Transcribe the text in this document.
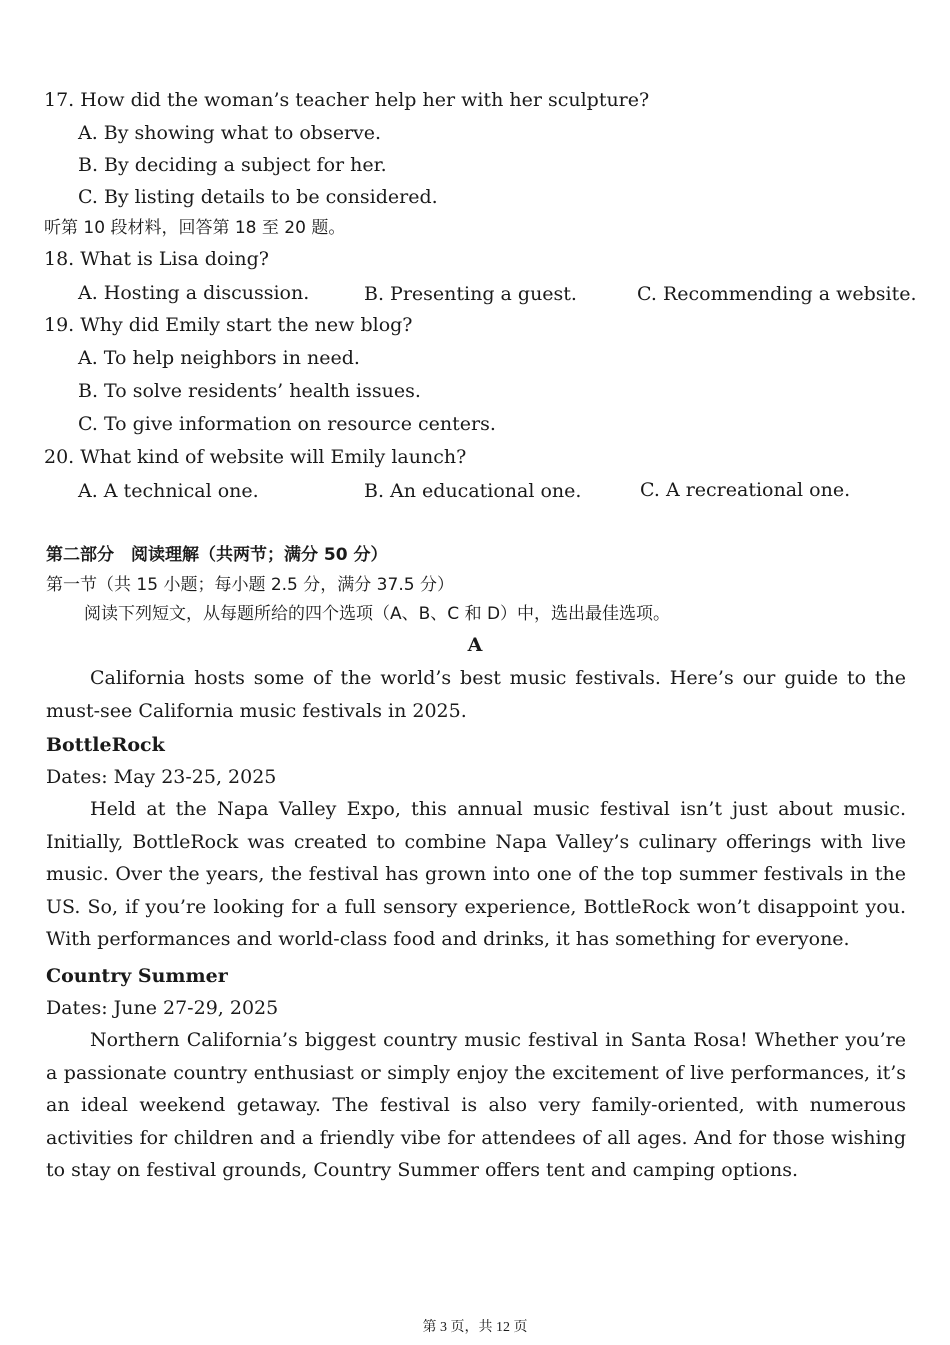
17. How did the woman’s teacher help her with her sculpture?
A. By showing what to observe.
B. By deciding a subject for her.
C. By listing details to be considered.
听第 10 段材料，回答第 18 至 20 题。
18. What is Lisa doing?
A. Hosting a discussion.	B. Presenting a guest.	C. Recommending a website.
19. Why did Emily start the new blog?
A. To help neighbors in need.
B. To solve residents’ health issues.
C. To give information on resource centers.
20. What kind of website will Emily launch?
A. A technical one.	B. An educational one.	C. A recreational one.
第二部分　阅读理解（共两节；满分 50 分）
第一节（共 15 小题；每小题 2.5 分，满分 37.5 分）
阅读下列短文，从每题所给的四个选项（A、B、C 和 D）中，选出最佳选项。
A
California hosts some of the world’s best music festivals. Here’s our guide to the must-see California music festivals in 2025.
BottleRock
Dates: May 23-25, 2025
Held at the Napa Valley Expo, this annual music festival isn’t just about music. Initially, BottleRock was created to combine Napa Valley’s culinary offerings with live music. Over the years, the festival has grown into one of the top summer festivals in the US. So, if you’re looking for a full sensory experience, BottleRock won’t disappoint you. With performances and world-class food and drinks, it has something for everyone.
Country Summer
Dates: June 27-29, 2025
Northern California’s biggest country music festival in Santa Rosa! Whether you’re a passionate country enthusiast or simply enjoy the excitement of live performances, it’s an ideal weekend getaway. The festival is also very family-oriented, with numerous activities for children and a friendly vibe for attendees of all ages. And for those wishing to stay on festival grounds, Country Summer offers tent and camping options.
第 3 页，共 12 页
